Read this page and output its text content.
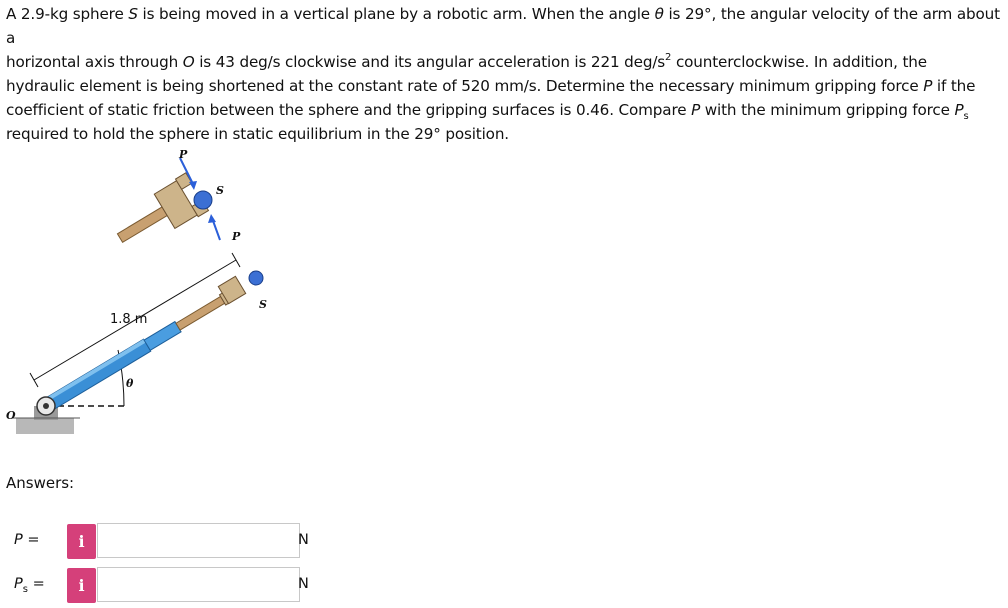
A 2.9-kg sphere S is being moved in a vertical plane by a robotic arm. When the angle θ is 29°, the angular velocity of the arm about a
horizontal axis through O is 43 deg/s clockwise and its angular acceleration is 221 deg/$s^2$ counterclockwise. In addition, the
hydraulic element is being shortened at the constant rate of 520 mm/s. Determine the necessary minimum gripping force P if the
coefficient of static friction between the sphere and the gripping surfaces is 0.46. Compare P with the minimum gripping force $P_s$
required to hold the sphere in static equilibrium in the 29° position.

1.8 m
P
S
P
S
θ
O
Answers:
P =	i	N
$P_s$ =	i	N
